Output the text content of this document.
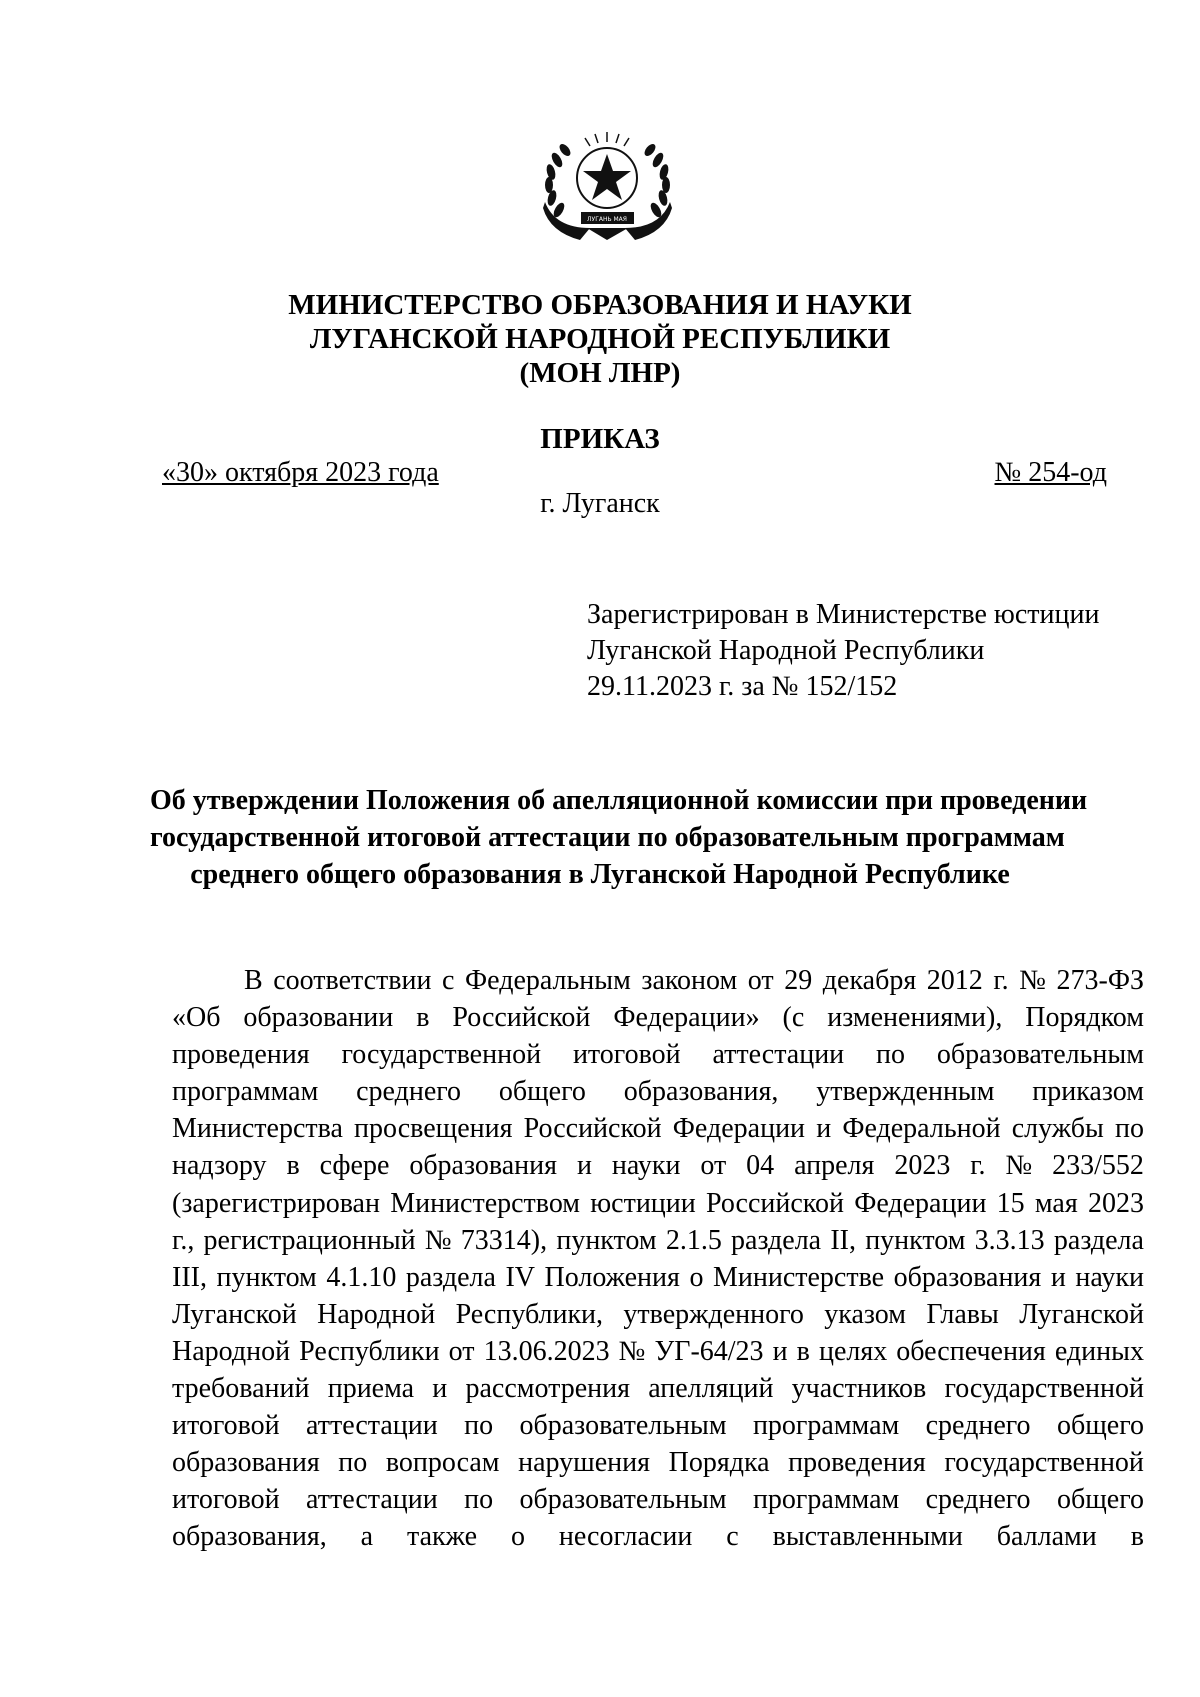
ЛУГАНЬ МАЯ
МИНИСТЕРСТВО ОБРАЗОВАНИЯ И НАУКИ
ЛУГАНСКОЙ НАРОДНОЙ РЕСПУБЛИКИ
(МОН ЛНР)
ПРИКАЗ
«30» октября 2023 года	№ 254-од
г. Луганск
Зарегистрирован в Министерстве юстиции
Луганской Народной Республики
29.11.2023 г. за № 152/152
Об утверждении Положения об апелляционной комиссии при проведении
государственной итоговой аттестации по образовательным программам
среднего общего образования в Луганской Народной Республике
В соответствии с Федеральным законом от 29 декабря 2012 г. № 273-ФЗ
«Об образовании в Российской Федерации» (с изменениями), Порядком
проведения государственной итоговой аттестации по образовательным
программам среднего общего образования, утвержденным приказом
Министерства просвещения Российской Федерации и Федеральной службы по
надзору в сфере образования и науки от 04 апреля 2023 г. № 233/552
(зарегистрирован Министерством юстиции Российской Федерации 15 мая 2023
г., регистрационный № 73314), пунктом 2.1.5 раздела II, пунктом 3.3.13 раздела
III, пунктом 4.1.10 раздела IV Положения о Министерстве образования и науки
Луганской Народной Республики, утвержденного указом Главы Луганской
Народной Республики от 13.06.2023 № УГ-64/23 и в целях обеспечения единых
требований приема и рассмотрения апелляций участников государственной
итоговой аттестации по образовательным программам среднего общего
образования по вопросам нарушения Порядка проведения государственной
итоговой аттестации по образовательным программам среднего общего
образования, а также о несогласии с выставленными баллами в
